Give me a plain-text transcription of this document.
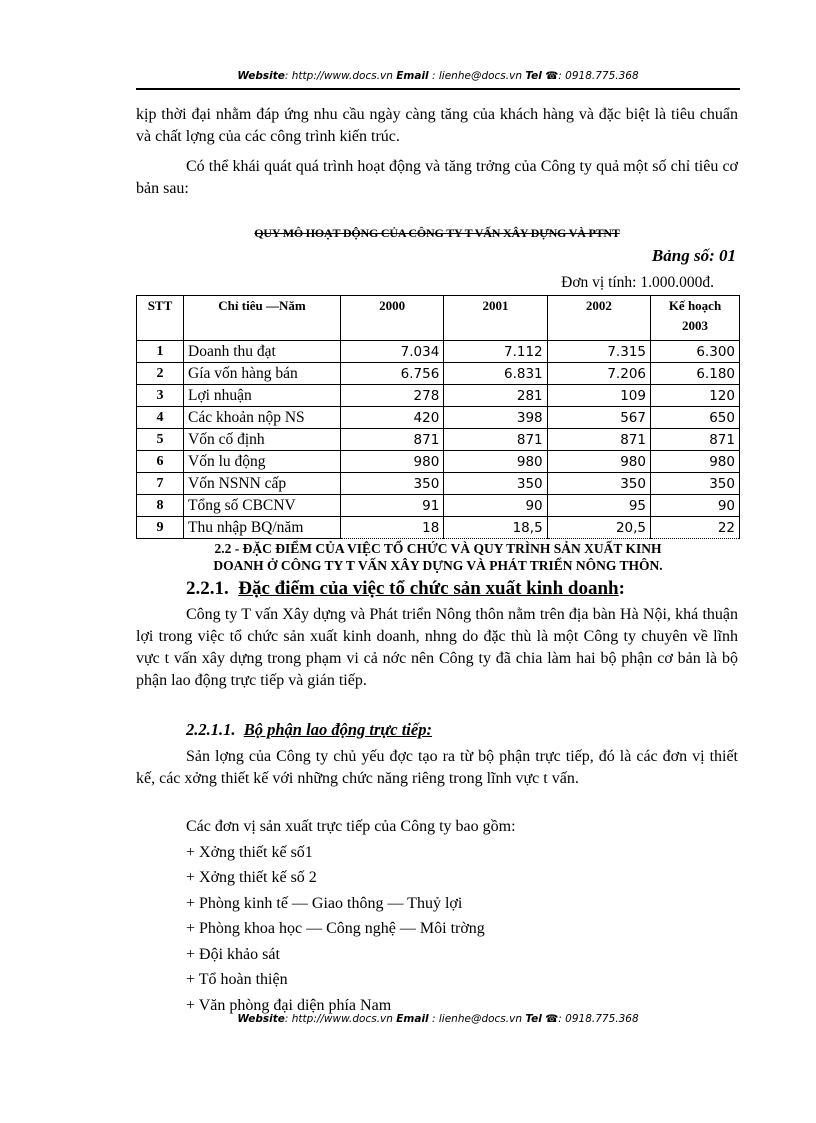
Website: http://www.docs.vn Email : lienhe@docs.vn Tel ☎: 0918.775.368

kịp thời đại nhằm đáp ứng nhu cầu ngày càng tăng của khách hàng và đặc biệt là tiêu chuẩn và chất lợng của các công trình kiến trúc.

Có thể khái quát quá trình hoạt động và tăng trởng của Công ty quả một số chỉ tiêu cơ bản sau:

QUY MÔ HOẠT ĐỘNG CỦA CÔNG TY T VẤN XÂY DỰNG VÀ PTNT
Bảng số: 01
Đơn vị tính: 1.000.000đ.
STT	Chỉ tiêu —Năm	2000	2001	2002	Kế hoạch 2003
1	Doanh thu đạt	7.034	7.112	7.315	6.300
2	Gía vốn hàng bán	6.756	6.831	7.206	6.180
3	Lợi nhuận	278	281	109	120
4	Các khoản nộp NS	420	398	567	650
5	Vốn cố định	871	871	871	871
6	Vốn lu động	980	980	980	980
7	Vốn NSNN cấp	350	350	350	350
8	Tổng số CBCNV	91	90	95	90
9	Thu nhập BQ/năm	18	18,5	20,5	22
2.2 - ĐẶC ĐIỂM CỦA VIỆC TỔ CHỨC VÀ QUY TRÌNH SẢN XUẤT KINH
DOANH Ở CÔNG TY T VẤN XÂY DỰNG VÀ PHÁT TRIỂN NÔNG THÔN.
2.2.1. Đặc điểm của việc tổ chức sản xuất kinh doanh:

Công ty T vấn Xây dựng và Phát triển Nông thôn nằm trên địa bàn Hà Nội, khá thuận lợi trong việc tổ chức sản xuất kinh doanh, nhng do đặc thù là một Công ty chuyên về lĩnh vực t vấn xây dựng trong phạm vi cả nớc nên Công ty đã chia làm hai bộ phận cơ bản là bộ phận lao động trực tiếp và gián tiếp.

2.2.1.1. Bộ phận lao động trực tiếp:

Sản lợng của Công ty chủ yếu đợc tạo ra từ bộ phận trực tiếp, đó là các đơn vị thiết kế, các xởng thiết kế với những chức năng riêng trong lĩnh vực t vấn.

Các đơn vị sản xuất trực tiếp của Công ty bao gồm:
+ Xởng thiết kế số1
+ Xởng thiết kế số 2
+ Phòng kinh tế — Giao thông — Thuỷ lợi
+ Phòng khoa học — Công nghệ — Môi trờng
+ Đội khảo sát
+ Tổ hoàn thiện
+ Văn phòng đại diện phía Nam
Website: http://www.docs.vn Email : lienhe@docs.vn Tel ☎: 0918.775.368
